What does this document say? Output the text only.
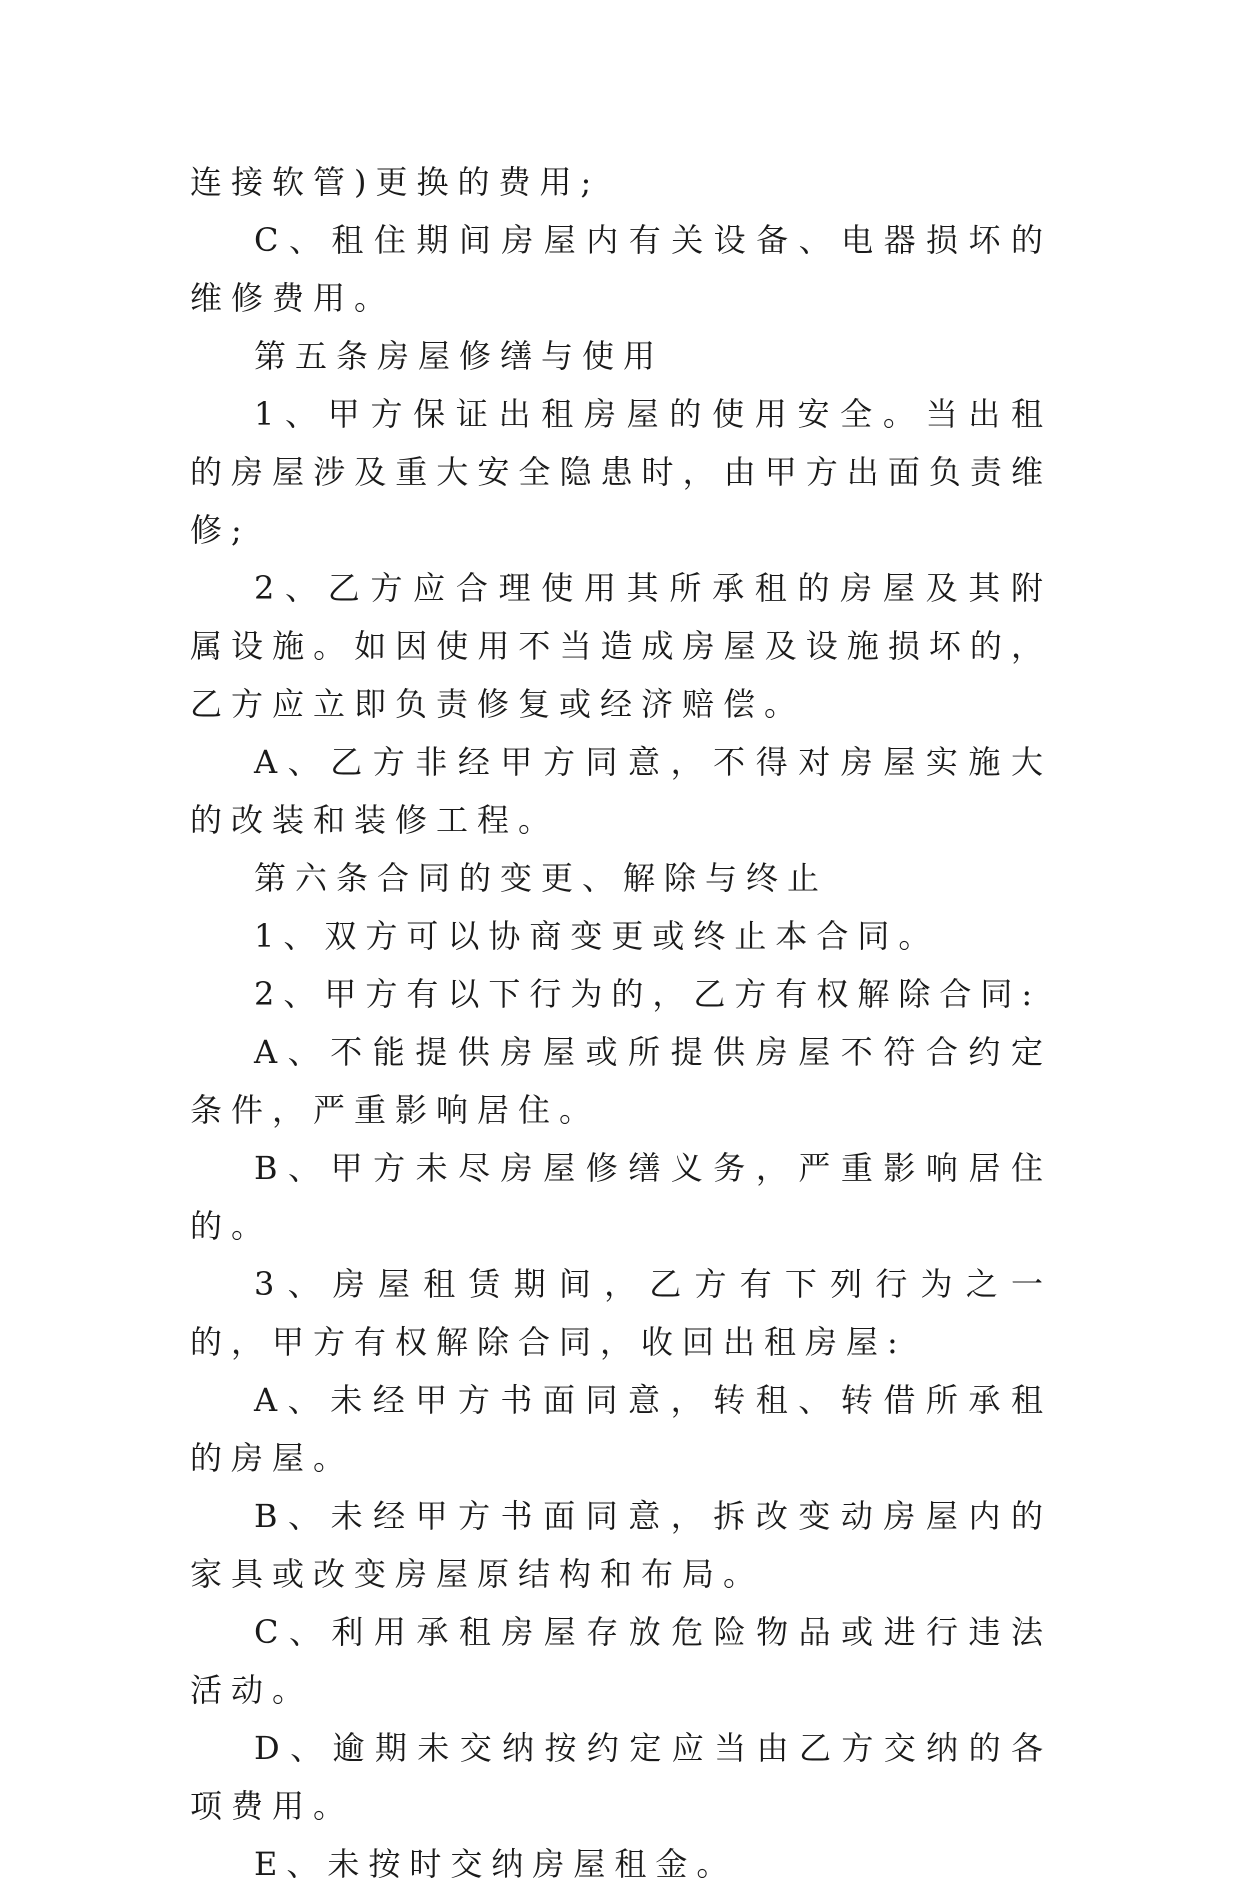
连接软管)更换的费用;

C、租住期间房屋内有关设备、电器损坏的维修费用。

第五条房屋修缮与使用

1、甲方保证出租房屋的使用安全。当出租的房屋涉及重大安全隐患时，由甲方出面负责维修;

2、乙方应合理使用其所承租的房屋及其附属设施。如因使用不当造成房屋及设施损坏的，乙方应立即负责修复或经济赔偿。

A、乙方非经甲方同意，不得对房屋实施大的改装和装修工程。

第六条合同的变更、解除与终止

1、双方可以协商变更或终止本合同。

2、甲方有以下行为的，乙方有权解除合同:

A、不能提供房屋或所提供房屋不符合约定条件，严重影响居住。

B、甲方未尽房屋修缮义务，严重影响居住的。

3、房屋租赁期间，乙方有下列行为之一的，甲方有权解除合同，收回出租房屋:

A、未经甲方书面同意，转租、转借所承租的房屋。

B、未经甲方书面同意，拆改变动房屋内的家具或改变房屋原结构和布局。

C、利用承租房屋存放危险物品或进行违法活动。

D、逾期未交纳按约定应当由乙方交纳的各项费用。

E、未按时交纳房屋租金。
